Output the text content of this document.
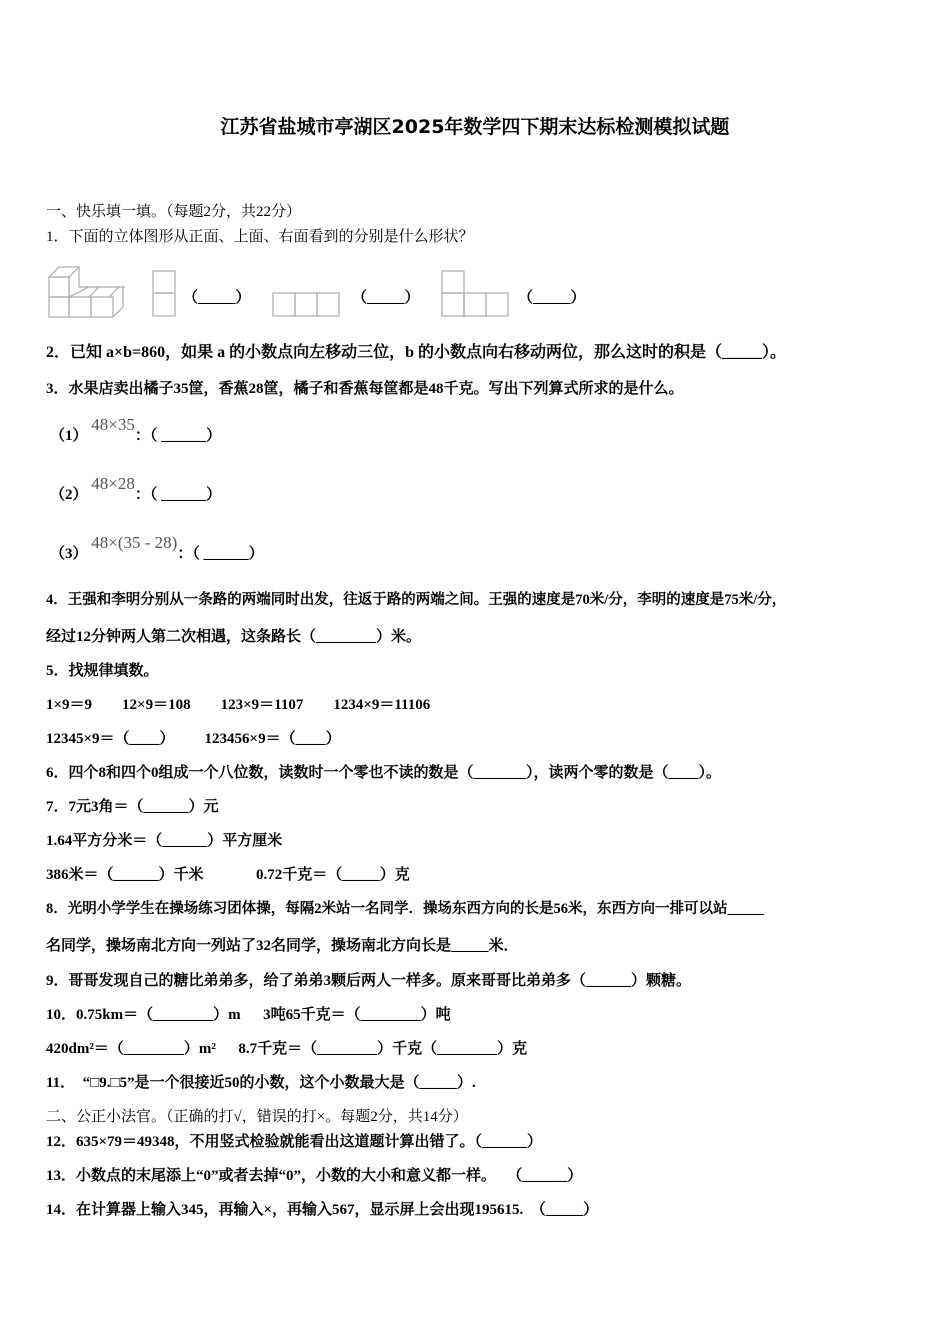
江苏省盐城市亭湖区2025年数学四下期末达标检测模拟试题
一、快乐填一填。（每题2分，共22分）
1．下面的立体图形从正面、上面、右面看到的分别是什么形状？
（_____）	（_____）	（_____）
2．已知 a×b=860，如果 a 的小数点向左移动三位，b 的小数点向右移动两位，那么这时的积是（_____）。
3．水果店卖出橘子35筐，香蕉28筐，橘子和香蕉每筐都是48千克。写出下列算式所求的是什么。
（1） 48×35：（ ______）
（2） 48×28：（ ______）
（3） 48×(35 - 28)：（ ______）
4．王强和李明分别从一条路的两端同时出发，往返于路的两端之间。王强的速度是70米/分，李明的速度是75米/分，
经过12分钟两人第二次相遇，这条路长（________）米。
5．找规律填数。
1×9＝9        12×9＝108        123×9＝1107        1234×9＝11106
12345×9＝（____）        123456×9＝（____）
6．四个8和四个0组成一个八位数，读数时一个零也不读的数是（_______），读两个零的数是（____）。
7．7元3角＝（______）元
1.64平方分米＝（______）平方厘米
386米＝（______）千米              0.72千克＝（_____）克
8．光明小学学生在操场练习团体操，每隔2米站一名同学．操场东西方向的长是56米，东西方向一排可以站_____
名同学，操场南北方向一列站了32名同学，操场南北方向长是_____米．
9．哥哥发现自己的糖比弟弟多，给了弟弟3颗后两人一样多。原来哥哥比弟弟多（______）颗糖。
10．0.75km＝（________）m      3吨65千克＝（________）吨
420dm²＝（________）m²      8.7千克＝（________）千克（________）克
11．  “□9.□5”是一个很接近50的小数，这个小数最大是（_____）.
二、公正小法官。（正确的打√，错误的打×。每题2分，共14分）
12．635×79＝49348，不用竖式检验就能看出这道题计算出错了。（______）
13．小数点的末尾添上“0”或者去掉“0”，小数的大小和意义都一样。   （______）
14．在计算器上输入345，再输入×，再输入567，显示屏上会出现195615.  （_____）
